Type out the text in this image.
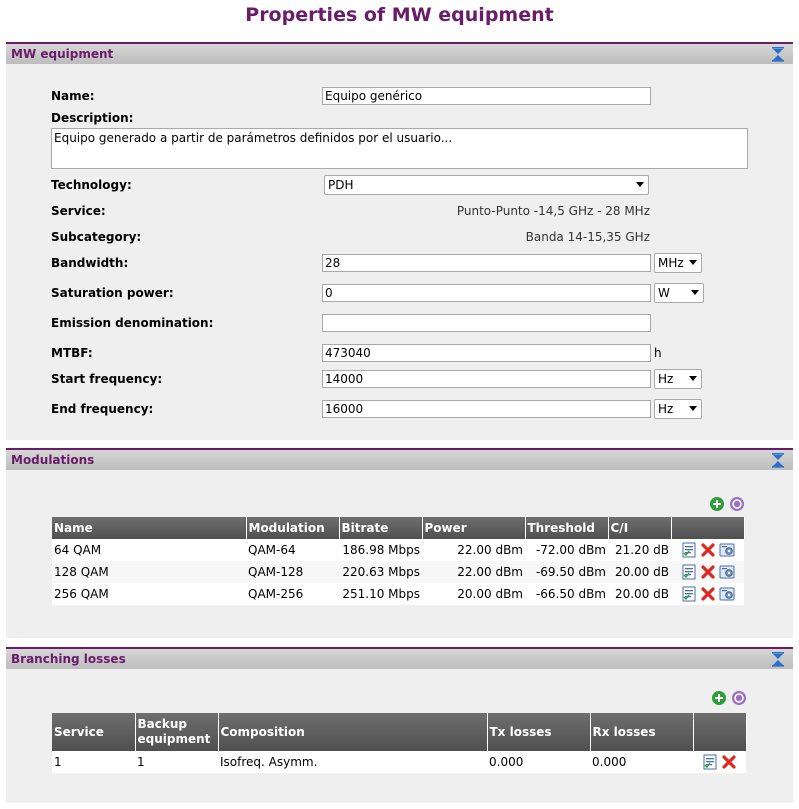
Properties of MW equipment
MW equipment
Name:	Equipo genérico
Description:
Equipo generado a partir de parámetros definidos por el usuario...
Technology:	PDH
Service:	Punto-Punto -14,5 GHz - 28 MHz
Subcategory:	Banda 14-15,35 GHz
Bandwidth:	28	MHz
Saturation power:	0	W
Emission denomination:
MTBF:	473040	h
Start frequency:	14000	Hz
End frequency:	16000	Hz
Modulations
Name	Modulation	Bitrate	Power	Threshold	C/I	
64 QAM	QAM-64	186.98 Mbps	22.00 dBm	-72.00 dBm	21.20 dB	

128 QAM	QAM-128	220.63 Mbps	22.00 dBm	-69.50 dBm	20.00 dB	

256 QAM	QAM-256	251.10 Mbps	20.00 dBm	-66.50 dBm	20.00 dB	
Branching losses
Service	Backup equipment	Composition	Tx losses	Rx losses	
1	1	Isofreq. Asymm.	0.000	0.000	
